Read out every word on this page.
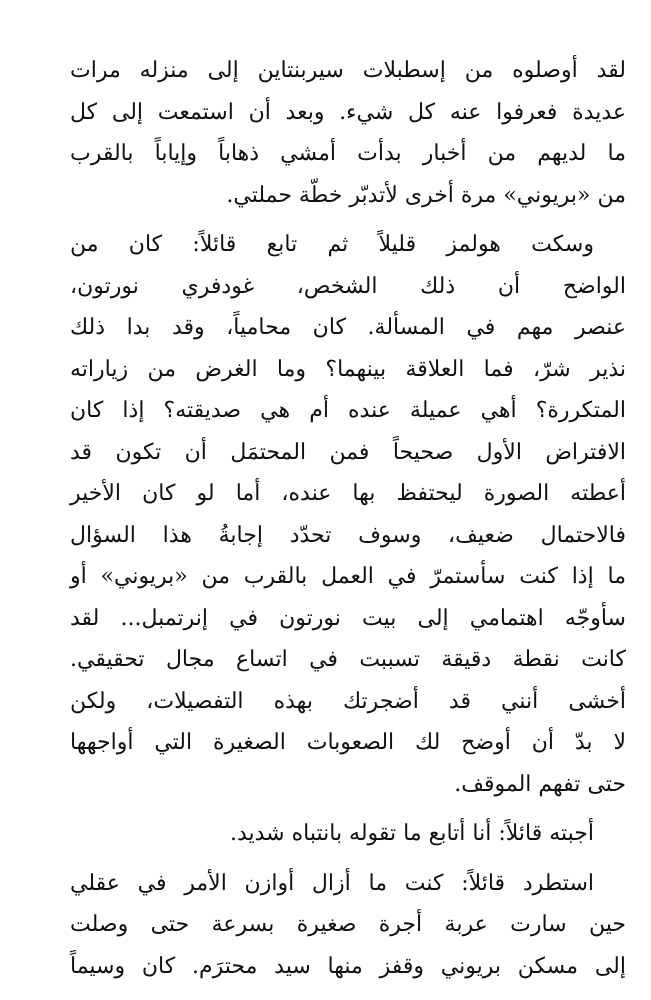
لقد أوصلوه من إسطبلات سيربنتاين إلى منزله مرات
عديدة فعرفوا عنه كل شيء. وبعد أن استمعت إلى كل
ما لديهم من أخبار بدأت أمشي ذهاباً وإياباً بالقرب
من «بريوني» مرة أخرى لأتدبّر خطّة حملتي.
وسكت هولمز قليلاً ثم تابع قائلاً: كان من
الواضح أن ذلك الشخص، غودفري نورتون،
عنصر مهم في المسألة. كان محامياً، وقد بدا ذلك
نذير شرّ، فما العلاقة بينهما؟ وما الغرض من زياراته
المتكررة؟ أهي عميلة عنده أم هي صديقته؟ إذا كان
الافتراض الأول صحيحاً فمن المحتمَل أن تكون قد
أعطته الصورة ليحتفظ بها عنده، أما لو كان الأخير
فالاحتمال ضعيف، وسوف تحدّد إجابةُ هذا السؤال
ما إذا كنت سأستمرّ في العمل بالقرب من «بريوني» أو
سأوجّه اهتمامي إلى بيت نورتون في إنرتمبل... لقد
كانت نقطة دقيقة تسببت في اتساع مجال تحقيقي.
أخشى أنني قد أضجرتك بهذه التفصيلات، ولكن
لا بدّ أن أوضح لك الصعوبات الصغيرة التي أواجهها
حتى تفهم الموقف.
أجبته قائلاً: أنا أتابع ما تقوله بانتباه شديد.
استطرد قائلاً: كنت ما أزال أوازن الأمر في عقلي
حين سارت عربة أجرة صغيرة بسرعة حتى وصلت
إلى مسكن بريوني وقفز منها سيد محترَم. كان وسيماً
